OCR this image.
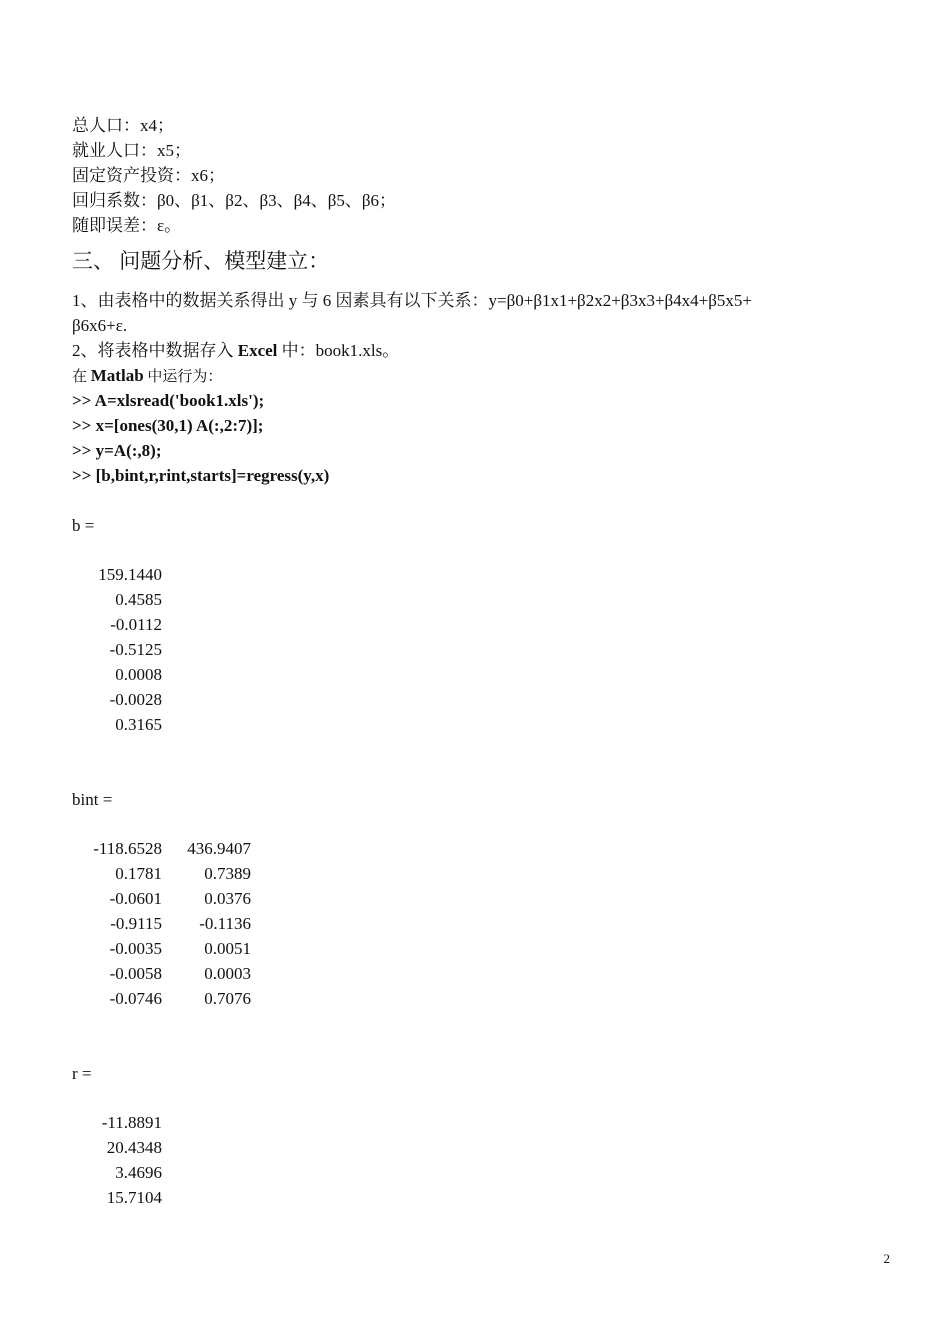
总人口：x4；
就业人口：x5；
固定资产投资：x6；
回归系数：β0、β1、β2、β3、β4、β5、β6；
随即误差：ε。
三、 问题分析、模型建立：
1、由表格中的数据关系得出 y 与 6 因素具有以下关系：y=β0+β1x1+β2x2+β3x3+β4x4+β5x5+
β6x6+ε.
2、将表格中数据存入 Excel 中：book1.xls。
在 Matlab 中运行为：
>> A=xlsread('book1.xls');
>> x=[ones(30,1) A(:,2:7)];
>> y=A(:,8);
>> [b,bint,r,rint,starts]=regress(y,x)
b =
159.1440
0.4585
-0.0112
-0.5125
0.0008
-0.0028
0.3165
bint =
-118.6528
0.1781
-0.0601
-0.9115
-0.0035
-0.0058
-0.0746
436.9407
0.7389
0.0376
-0.1136
0.0051
0.0003
0.7076
r =
-11.8891
20.4348
3.4696
15.7104
2
